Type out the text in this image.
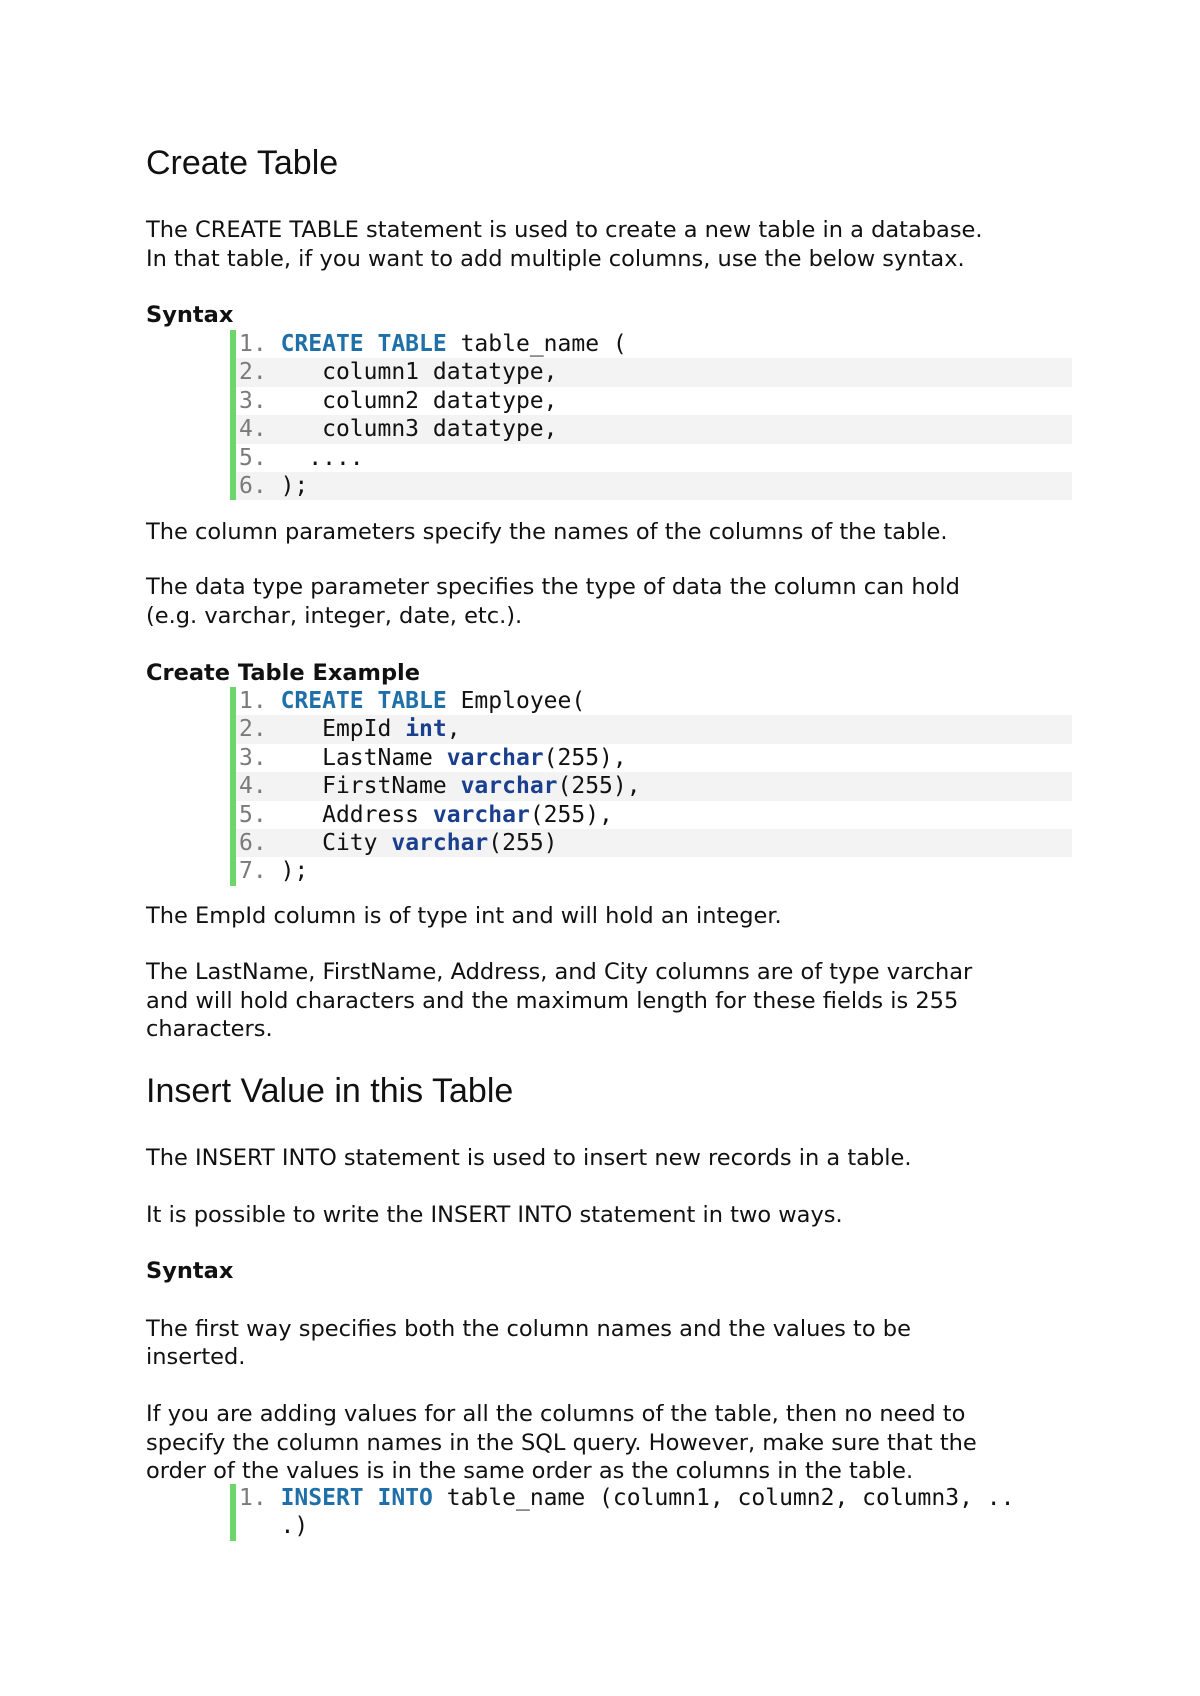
Create Table

The CREATE TABLE statement is used to create a new table in a database.

In that table, if you want to add multiple columns, use the below syntax.

Syntax

1. CREATE TABLE table_name (
2. column1 datatype,
3. column2 datatype,
4. column3 datatype,
5. ....
6. );

The column parameters specify the names of the columns of the table.

The data type parameter specifies the type of data the column can hold

(e.g. varchar, integer, date, etc.).

Create Table Example

1. CREATE TABLE Employee(
2. EmpId int,
3. LastName varchar(255),
4. FirstName varchar(255),
5. Address varchar(255),
6. City varchar(255)
7. );

The EmpId column is of type int and will hold an integer.

The LastName, FirstName, Address, and City columns are of type varchar

and will hold characters and the maximum length for these fields is 255

characters.

Insert Value in this Table

The INSERT INTO statement is used to insert new records in a table.

It is possible to write the INSERT INTO statement in two ways.

Syntax

The first way specifies both the column names and the values to be

inserted.

If you are adding values for all the columns of the table, then no need to

specify the column names in the SQL query. However, make sure that the

order of the values is in the same order as the columns in the table.

1. INSERT INTO table_name (column1, column2, column3, ..
.)
